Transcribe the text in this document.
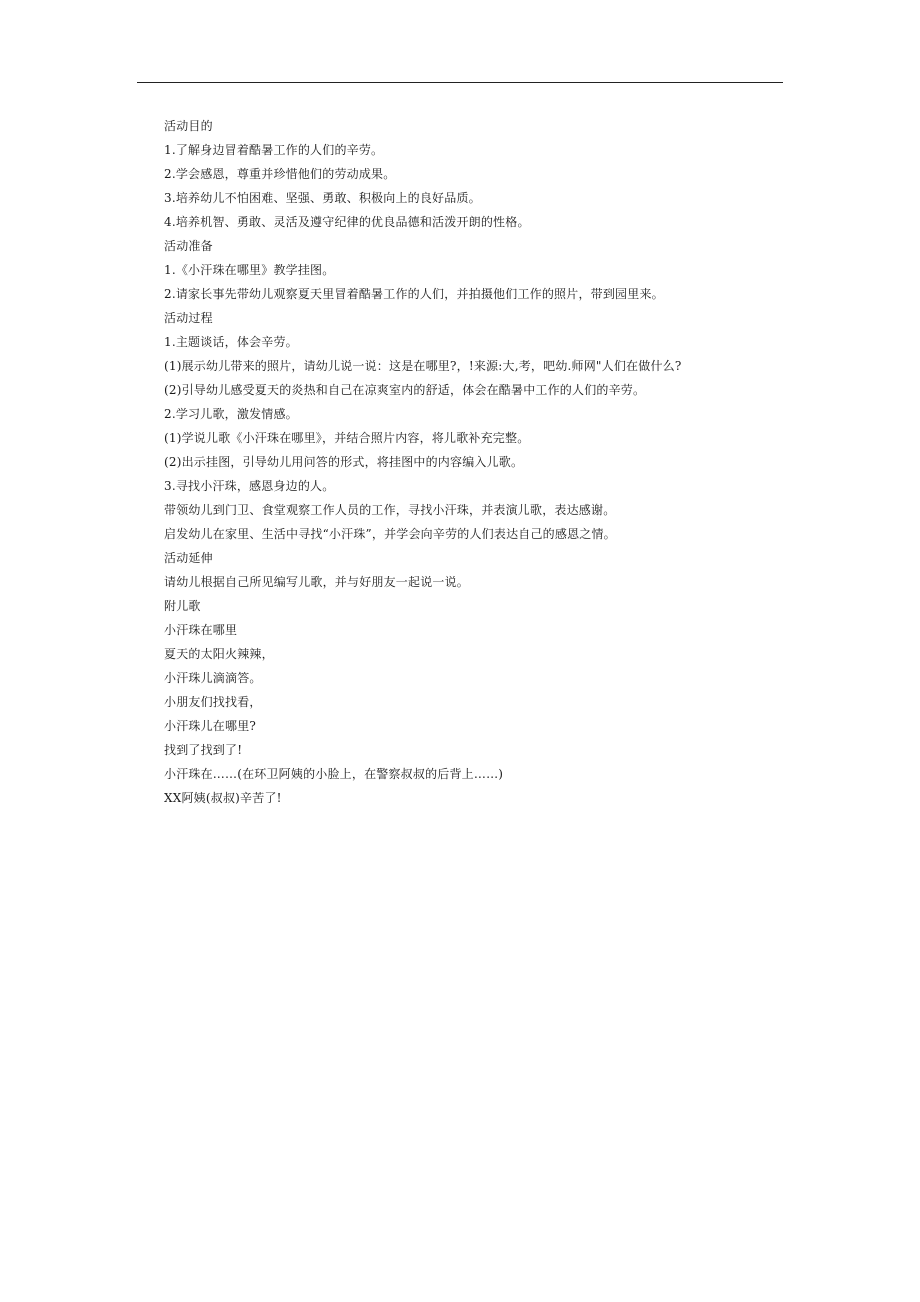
活动目的
1.了解身边冒着酷暑工作的人们的辛劳。
2.学会感恩，尊重并珍惜他们的劳动成果。
3.培养幼儿不怕困难、坚强、勇敢、积极向上的良好品质。
4.培养机智、勇敢、灵活及遵守纪律的优良品德和活泼开朗的性格。
活动准备
1.《小汗珠在哪里》教学挂图。
2.请家长事先带幼儿观察夏天里冒着酷暑工作的人们，并拍摄他们工作的照片，带到园里来。
活动过程
1.主题谈话，体会辛劳。
(1)展示幼儿带来的照片，请幼儿说一说：这是在哪里?，!来源:大,考，吧幼.师网"人们在做什么?
(2)引导幼儿感受夏天的炎热和自己在凉爽室内的舒适，体会在酷暑中工作的人们的辛劳。
2.学习儿歌，激发情感。
(1)学说儿歌《小汗珠在哪里》，并结合照片内容，将儿歌补充完整。
(2)出示挂图，引导幼儿用问答的形式，将挂图中的内容编入儿歌。
3.寻找小汗珠，感恩身边的人。
带领幼儿到门卫、食堂观察工作人员的工作，寻找小汗珠，并表演儿歌，表达感谢。
启发幼儿在家里、生活中寻找“小汗珠”，并学会向辛劳的人们表达自己的感恩之情。
活动延伸
请幼儿根据自己所见编写儿歌，并与好朋友一起说一说。
附儿歌
小汗珠在哪里
夏天的太阳火辣辣，
小汗珠儿滴滴答。
小朋友们找找看，
小汗珠儿在哪里?
找到了找到了!
小汗珠在……(在环卫阿姨的小脸上，在警察叔叔的后背上……)
XX阿姨(叔叔)辛苦了!
